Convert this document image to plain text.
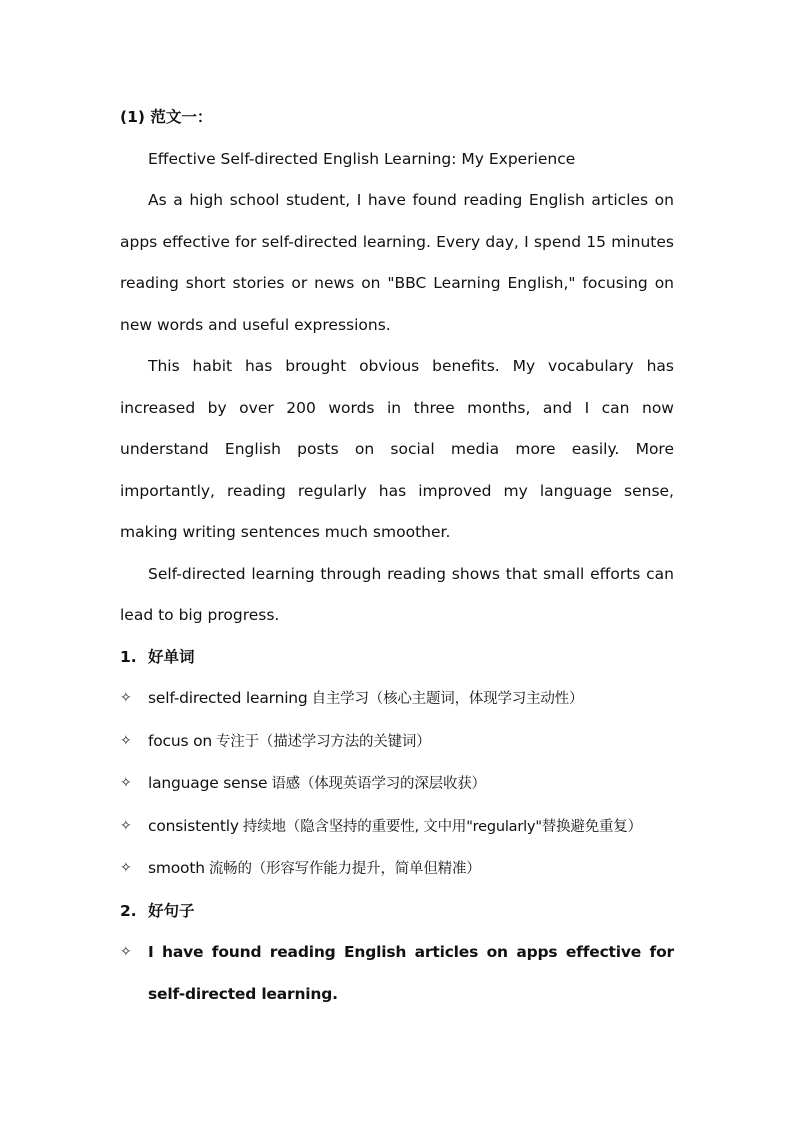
(1) 范文一：
Effective Self-directed English Learning: My Experience

As a high school student, I have found reading English articles on apps effective for self-directed learning. Every day, I spend 15 minutes reading short stories or news on "BBC Learning English," focusing on new words and useful expressions.

This habit has brought obvious benefits. My vocabulary has increased by over 200 words in three months, and I can now understand English posts on social media more easily. More importantly, reading regularly has improved my language sense, making writing sentences much smoother.

Self-directed learning through reading shows that small efforts can lead to big progress.

1. 好单词
✧	self-directed learning 自主学习（核心主题词，体现学习主动性）
✧	focus on 专注于（描述学习方法的关键词）
✧	language sense 语感（体现英语学习的深层收获）
✧	consistently 持续地（隐含坚持的重要性, 文中用"regularly"替换避免重复）
✧	smooth 流畅的（形容写作能力提升，简单但精准）
2. 好句子
✧	I have found reading English articles on apps effective for self-directed learning.
